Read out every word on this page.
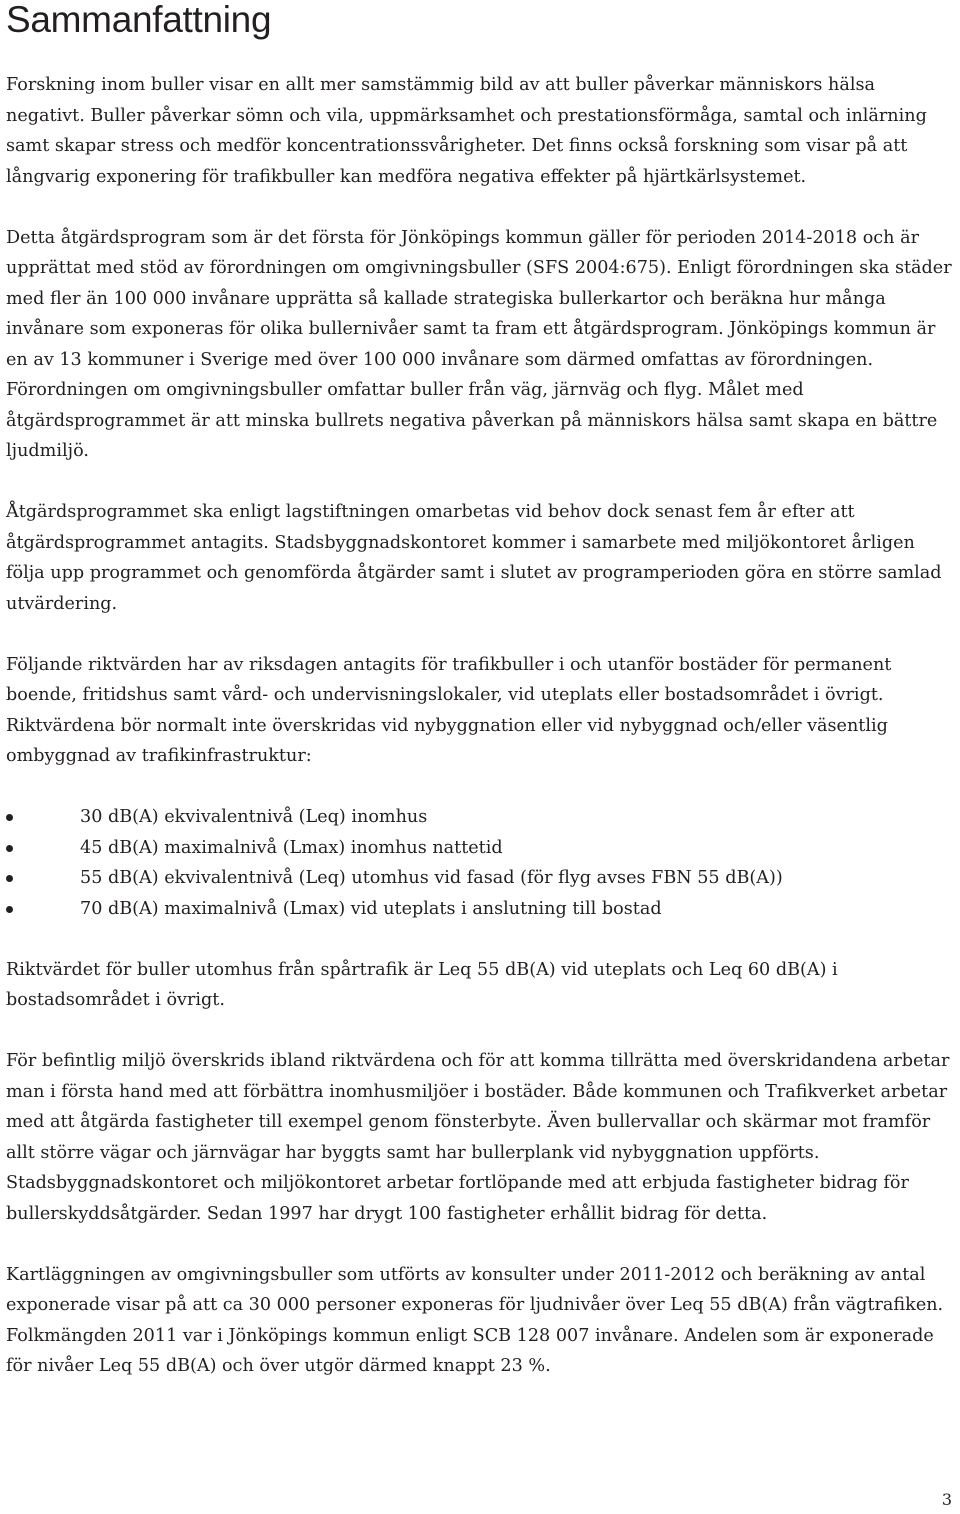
Sammanfattning

Forskning inom buller visar en allt mer samstämmig bild av att buller påverkar människors hälsa negativt. Buller påverkar sömn och vila, uppmärksamhet och prestationsförmåga, samtal och inlärning samt skapar stress och medför koncentrationssvårigheter. Det finns också forskning som visar på att långvarig exponering för trafikbuller kan medföra negativa effekter på hjärtkärlsystemet.

Detta åtgärdsprogram som är det första för Jönköpings kommun gäller för perioden 2014-2018 och är upprättat med stöd av förordningen om omgivningsbuller (SFS 2004:675). Enligt förordningen ska städer med fler än 100 000 invånare upprätta så kallade strategiska bullerkartor och beräkna hur många invånare som exponeras för olika bullernivåer samt ta fram ett åtgärdsprogram. Jönköpings kommun är en av 13 kommuner i Sverige med över 100 000 invånare som därmed omfattas av förordningen. Förordningen om omgivningsbuller omfattar buller från väg, järnväg och flyg. Målet med åtgärdsprogrammet är att minska bullrets negativa påverkan på människors hälsa samt skapa en bättre ljudmiljö.

Åtgärdsprogrammet ska enligt lagstiftningen omarbetas vid behov dock senast fem år efter att åtgärdsprogrammet antagits. Stadsbyggnadskontoret kommer i samarbete med miljökontoret årligen följa upp programmet och genomförda åtgärder samt i slutet av programperioden göra en större samlad utvärdering.

Följande riktvärden har av riksdagen antagits för trafikbuller i och utanför bostäder för permanent boende, fritidshus samt vård- och undervisningslokaler, vid uteplats eller bostadsområdet i övrigt. Riktvärdena bör normalt inte överskridas vid nybyggnation eller vid nybyggnad och/eller väsentlig ombyggnad av trafikinfrastruktur:

30 dB(A) ekvivalentnivå (Leq) inomhus
45 dB(A) maximalnivå (Lmax) inomhus nattetid
55 dB(A) ekvivalentnivå (Leq) utomhus vid fasad (för flyg avses FBN 55 dB(A))
70 dB(A) maximalnivå (Lmax) vid uteplats i anslutning till bostad

Riktvärdet för buller utomhus från spårtrafik är Leq 55 dB(A) vid uteplats och Leq 60 dB(A) i bostadsområdet i övrigt.

För befintlig miljö överskrids ibland riktvärdena och för att komma tillrätta med överskridandena arbetar man i första hand med att förbättra inomhusmiljöer i bostäder. Både kommunen och Trafikverket arbetar med att åtgärda fastigheter till exempel genom fönsterbyte. Även bullervallar och skärmar mot framför allt större vägar och järnvägar har byggts samt har bullerplank vid nybyggnation uppförts. Stadsbyggnadskontoret och miljökontoret arbetar fortlöpande med att erbjuda fastigheter bidrag för bullerskyddsåtgärder. Sedan 1997 har drygt 100 fastigheter erhållit bidrag för detta.

Kartläggningen av omgivningsbuller som utförts av konsulter under 2011-2012 och beräkning av antal exponerade visar på att ca 30 000 personer exponeras för ljudnivåer över Leq 55 dB(A) från vägtrafiken. Folkmängden 2011 var i Jönköpings kommun enligt SCB 128 007 invånare. Andelen som är exponerade för nivåer Leq 55 dB(A) och över utgör därmed knappt 23 %.

3
